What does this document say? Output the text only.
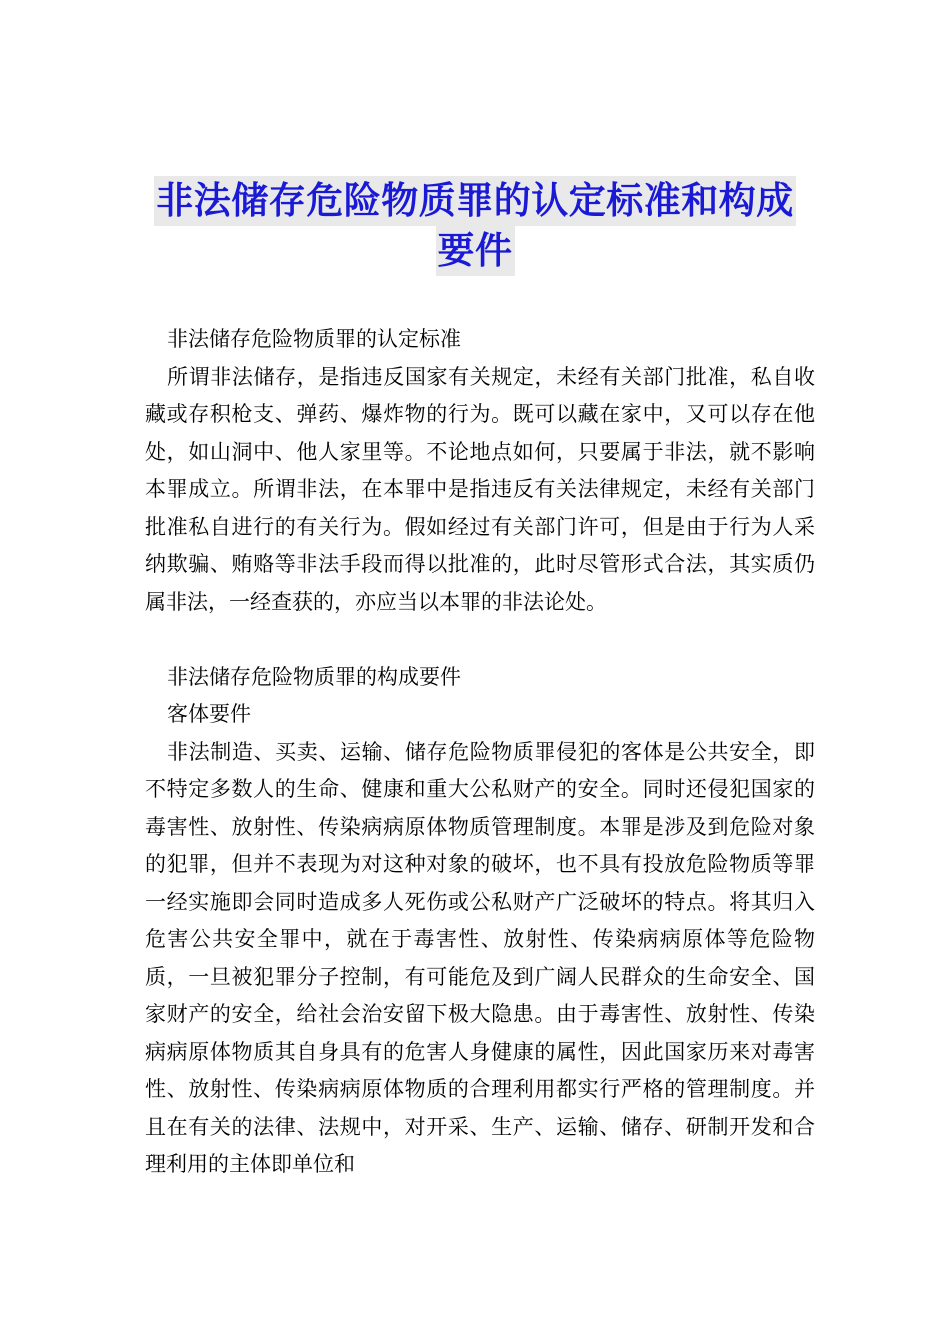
非法储存危险物质罪的认定标准和构成
要件
非法储存危险物质罪的认定标准

所谓非法储存，是指违反国家有关规定，未经有关部门批准，私自收藏或存积枪支、弹药、爆炸物的行为。既可以藏在家中，又可以存在他处，如山洞中、他人家里等。不论地点如何，只要属于非法，就不影响本罪成立。所谓非法，在本罪中是指违反有关法律规定，未经有关部门批准私自进行的有关行为。假如经过有关部门许可，但是由于行为人采纳欺骗、贿赂等非法手段而得以批准的，此时尽管形式合法，其实质仍属非法，一经查获的，亦应当以本罪的非法论处。

非法储存危险物质罪的构成要件
客体要件

非法制造、买卖、运输、储存危险物质罪侵犯的客体是公共安全，即不特定多数人的生命、健康和重大公私财产的安全。同时还侵犯国家的毒害性、放射性、传染病病原体物质管理制度。本罪是涉及到危险对象的犯罪，但并不表现为对这种对象的破坏，也不具有投放危险物质等罪一经实施即会同时造成多人死伤或公私财产广泛破坏的特点。将其归入危害公共安全罪中，就在于毒害性、放射性、传染病病原体等危险物质，一旦被犯罪分子控制，有可能危及到广阔人民群众的生命安全、国家财产的安全，给社会治安留下极大隐患。由于毒害性、放射性、传染病病原体物质其自身具有的危害人身健康的属性，因此国家历来对毒害性、放射性、传染病病原体物质的合理利用都实行严格的管理制度。并且在有关的法律、法规中，对开采、生产、运输、储存、研制开发和合理利用的主体即单位和
